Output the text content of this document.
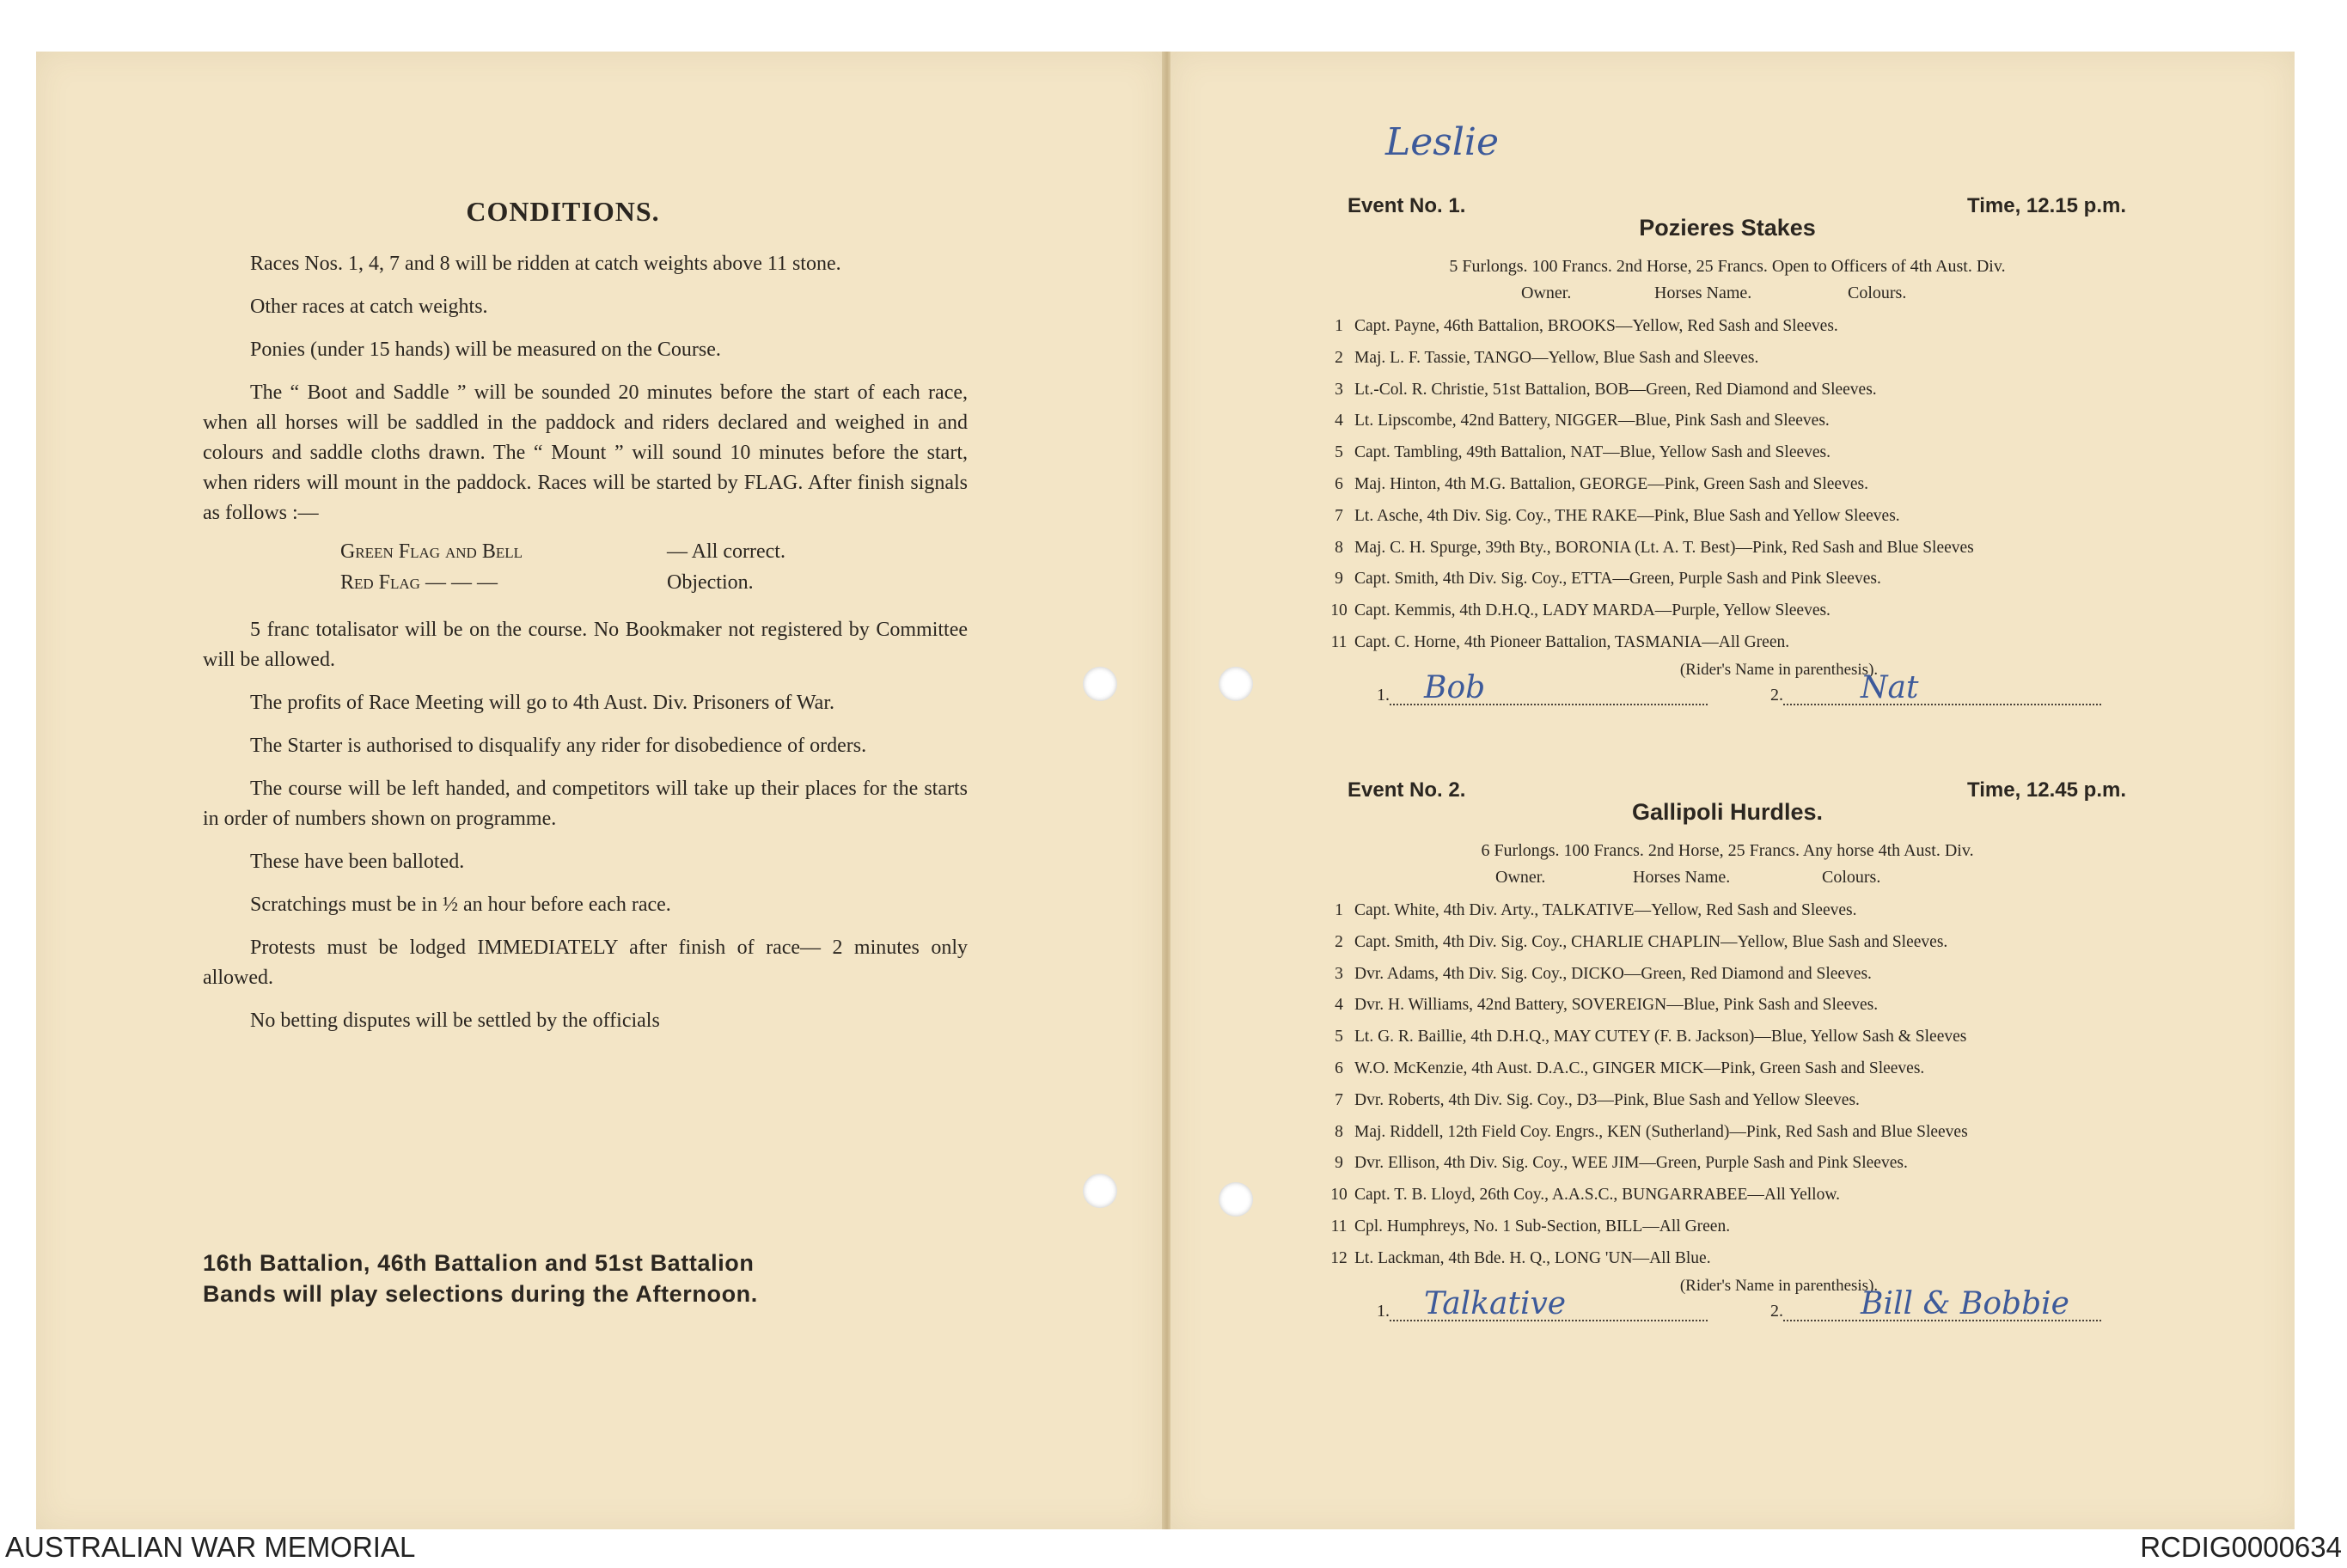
CONDITIONS.

Races Nos. 1, 4, 7 and 8 will be ridden at catch weights above 11 stone.

Other races at catch weights.

Ponies (under 15 hands) will be measured on the Course.

The “ Boot and Saddle ” will be sounded 20 minutes before the start of each race, when all horses will be saddled in the paddock and riders declared and weighed in and colours and saddle cloths drawn. The “ Mount ” will sound 10 minutes before the start, when riders will mount in the paddock. Races will be started by FLAG. After finish signals as follows :—

Green Flag and Bell	— All correct.
Red Flag — — —	Objection.

5 franc totalisator will be on the course. No Bookmaker not registered by Committee will be allowed.

The profits of Race Meeting will go to 4th Aust. Div. Prisoners of War.

The Starter is authorised to disqualify any rider for disobedience of orders.

The course will be left handed, and competitors will take up their places for the starts in order of numbers shown on programme.

These have been balloted.

Scratchings must be in ½ an hour before each race.

Protests must be lodged IMMEDIATELY after finish of race— 2 minutes only allowed.

No betting disputes will be settled by the officials

16th Battalion, 46th Battalion and 51st Battalion
Bands will play selections during the Afternoon.
Leslie
Event No. 1.	Time, 12.15 p.m.
Pozieres Stakes
5 Furlongs. 100 Francs. 2nd Horse, 25 Francs. Open to Officers of 4th Aust. Div.
Owner.	Horses Name.	Colours.
1 Capt. Payne, 46th Battalion, BROOKS—Yellow, Red Sash and Sleeves.
2 Maj. L. F. Tassie, TANGO—Yellow, Blue Sash and Sleeves.
3 Lt.-Col. R. Christie, 51st Battalion, BOB—Green, Red Diamond and Sleeves.
4 Lt. Lipscombe, 42nd Battery, NIGGER—Blue, Pink Sash and Sleeves.
5 Capt. Tambling, 49th Battalion, NAT—Blue, Yellow Sash and Sleeves.
6 Maj. Hinton, 4th M.G. Battalion, GEORGE—Pink, Green Sash and Sleeves.
7 Lt. Asche, 4th Div. Sig. Coy., THE RAKE—Pink, Blue Sash and Yellow Sleeves.
8 Maj. C. H. Spurge, 39th Bty., BORONIA (Lt. A. T. Best)—Pink, Red Sash and Blue Sleeves
9 Capt. Smith, 4th Div. Sig. Coy., ETTA—Green, Purple Sash and Pink Sleeves.
10 Capt. Kemmis, 4th D.H.Q., LADY MARDA—Purple, Yellow Sleeves.
11 Capt. C. Horne, 4th Pioneer Battalion, TASMANIA—All Green.
(Rider's Name in parenthesis).
1. Bob	2.	Nat
Event No. 2.	Time, 12.45 p.m.
Gallipoli Hurdles.
6 Furlongs. 100 Francs. 2nd Horse, 25 Francs. Any horse 4th Aust. Div.
Owner.	Horses Name.	Colours.
1 Capt. White, 4th Div. Arty., TALKATIVE—Yellow, Red Sash and Sleeves.
2 Capt. Smith, 4th Div. Sig. Coy., CHARLIE CHAPLIN—Yellow, Blue Sash and Sleeves.
3 Dvr. Adams, 4th Div. Sig. Coy., DICKO—Green, Red Diamond and Sleeves.
4 Dvr. H. Williams, 42nd Battery, SOVEREIGN—Blue, Pink Sash and Sleeves.
5 Lt. G. R. Baillie, 4th D.H.Q., MAY CUTEY (F. B. Jackson)—Blue, Yellow Sash & Sleeves
6 W.O. McKenzie, 4th Aust. D.A.C., GINGER MICK—Pink, Green Sash and Sleeves.
7 Dvr. Roberts, 4th Div. Sig. Coy., D3—Pink, Blue Sash and Yellow Sleeves.
8 Maj. Riddell, 12th Field Coy. Engrs., KEN (Sutherland)—Pink, Red Sash and Blue Sleeves
9 Dvr. Ellison, 4th Div. Sig. Coy., WEE JIM—Green, Purple Sash and Pink Sleeves.
10 Capt. T. B. Lloyd, 26th Coy., A.A.S.C., BUNGARRABEE—All Yellow.
11 Cpl. Humphreys, No. 1 Sub-Section, BILL—All Green.
12 Lt. Lackman, 4th Bde. H. Q., LONG 'UN—All Blue.
(Rider's Name in parenthesis).
1. Talkative	2.	Bill & Bobbie
AUSTRALIAN WAR MEMORIAL	RCDIG0000634
